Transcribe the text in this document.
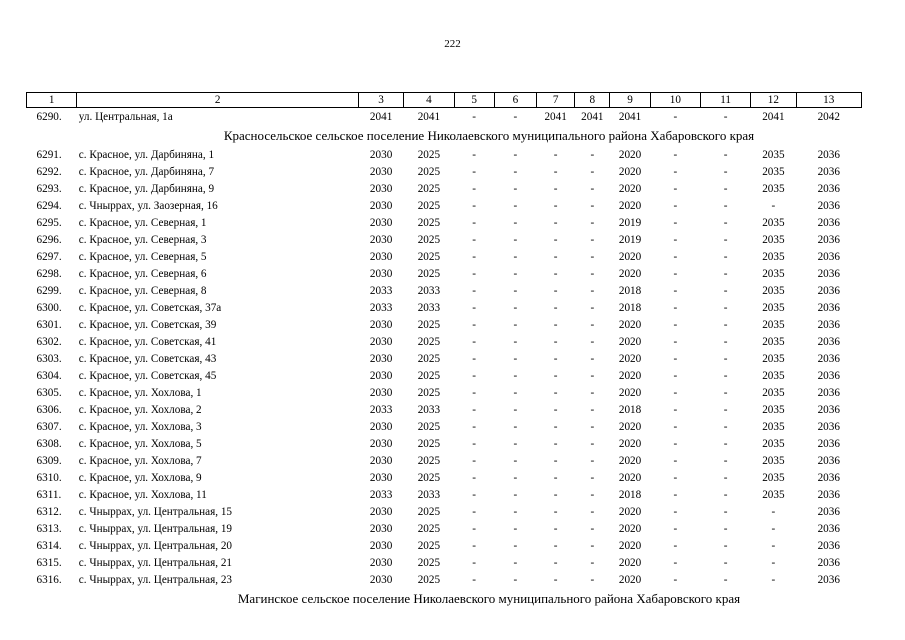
222
1	2	3	4	5	6	7	8	9	10	11	12	13
6290.	ул. Центральная, 1а	2041	2041	-	-	2041	2041	2041	-	-	2041	2042
Красносельское сельское поселение Николаевского муниципального района Хабаровского края												
6291.	с. Красное, ул. Дарбиняна, 1	2030	2025	-	-	-	-	2020	-	-	2035	2036
6292.	с. Красное, ул. Дарбиняна, 7	2030	2025	-	-	-	-	2020	-	-	2035	2036
6293.	с. Красное, ул. Дарбиняна, 9	2030	2025	-	-	-	-	2020	-	-	2035	2036
6294.	с. Чныррах, ул. Заозерная, 16	2030	2025	-	-	-	-	2020	-	-	-	2036
6295.	с. Красное, ул. Северная, 1	2030	2025	-	-	-	-	2019	-	-	2035	2036
6296.	с. Красное, ул. Северная, 3	2030	2025	-	-	-	-	2019	-	-	2035	2036
6297.	с. Красное, ул. Северная, 5	2030	2025	-	-	-	-	2020	-	-	2035	2036
6298.	с. Красное, ул. Северная, 6	2030	2025	-	-	-	-	2020	-	-	2035	2036
6299.	с. Красное, ул. Северная, 8	2033	2033	-	-	-	-	2018	-	-	2035	2036
6300.	с. Красное, ул. Советская, 37а	2033	2033	-	-	-	-	2018	-	-	2035	2036
6301.	с. Красное, ул. Советская, 39	2030	2025	-	-	-	-	2020	-	-	2035	2036
6302.	с. Красное, ул. Советская, 41	2030	2025	-	-	-	-	2020	-	-	2035	2036
6303.	с. Красное, ул. Советская, 43	2030	2025	-	-	-	-	2020	-	-	2035	2036
6304.	с. Красное, ул. Советская, 45	2030	2025	-	-	-	-	2020	-	-	2035	2036
6305.	с. Красное, ул. Хохлова, 1	2030	2025	-	-	-	-	2020	-	-	2035	2036
6306.	с. Красное, ул. Хохлова, 2	2033	2033	-	-	-	-	2018	-	-	2035	2036
6307.	с. Красное, ул. Хохлова, 3	2030	2025	-	-	-	-	2020	-	-	2035	2036
6308.	с. Красное, ул. Хохлова, 5	2030	2025	-	-	-	-	2020	-	-	2035	2036
6309.	с. Красное, ул. Хохлова, 7	2030	2025	-	-	-	-	2020	-	-	2035	2036
6310.	с. Красное, ул. Хохлова, 9	2030	2025	-	-	-	-	2020	-	-	2035	2036
6311.	с. Красное, ул. Хохлова, 11	2033	2033	-	-	-	-	2018	-	-	2035	2036
6312.	с. Чныррах, ул. Центральная, 15	2030	2025	-	-	-	-	2020	-	-	-	2036
6313.	с. Чныррах, ул. Центральная, 19	2030	2025	-	-	-	-	2020	-	-	-	2036
6314.	с. Чныррах, ул. Центральная, 20	2030	2025	-	-	-	-	2020	-	-	-	2036
6315.	с. Чныррах, ул. Центральная, 21	2030	2025	-	-	-	-	2020	-	-	-	2036
6316.	с. Чныррах, ул. Центральная, 23	2030	2025	-	-	-	-	2020	-	-	-	2036
Магинское сельское поселение Николаевского муниципального района Хабаровского края												
